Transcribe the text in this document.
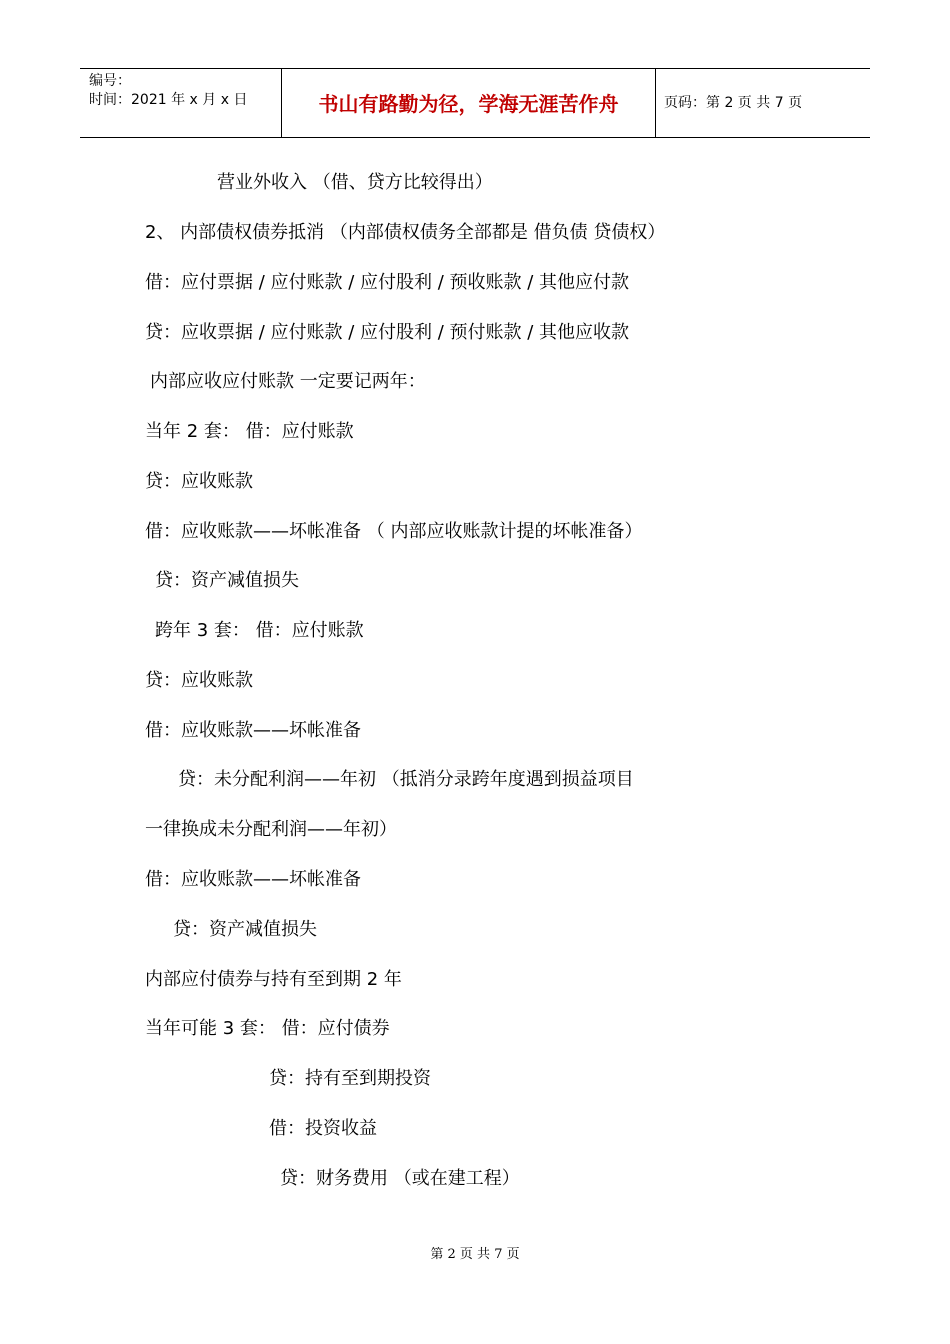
编号：
时间：2021 年 x 月 x 日	书山有路勤为径，学海无涯苦作舟	页码：第 2 页 共 7 页
营业外收入 （借、贷方比较得出）
2、 内部债权债券抵消 （内部债权债务全部都是 借负债 贷债权）
借：应付票据 / 应付账款 / 应付股利 / 预收账款 / 其他应付款
贷：应收票据 / 应付账款 / 应付股利 / 预付账款 / 其他应收款
内部应收应付账款 一定要记两年：
当年 2 套： 借：应付账款
贷：应收账款
借：应收账款——坏帐准备 （ 内部应收账款计提的坏帐准备）
贷：资产减值损失
跨年 3 套： 借：应付账款
贷：应收账款
借：应收账款——坏帐准备
贷：未分配利润——年初 （抵消分录跨年度遇到损益项目
一律换成未分配利润——年初）
借：应收账款——坏帐准备
贷：资产减值损失
内部应付债券与持有至到期 2 年
当年可能 3 套： 借：应付债券
贷：持有至到期投资
借：投资收益
贷：财务费用 （或在建工程）
第 2 页 共 7 页
